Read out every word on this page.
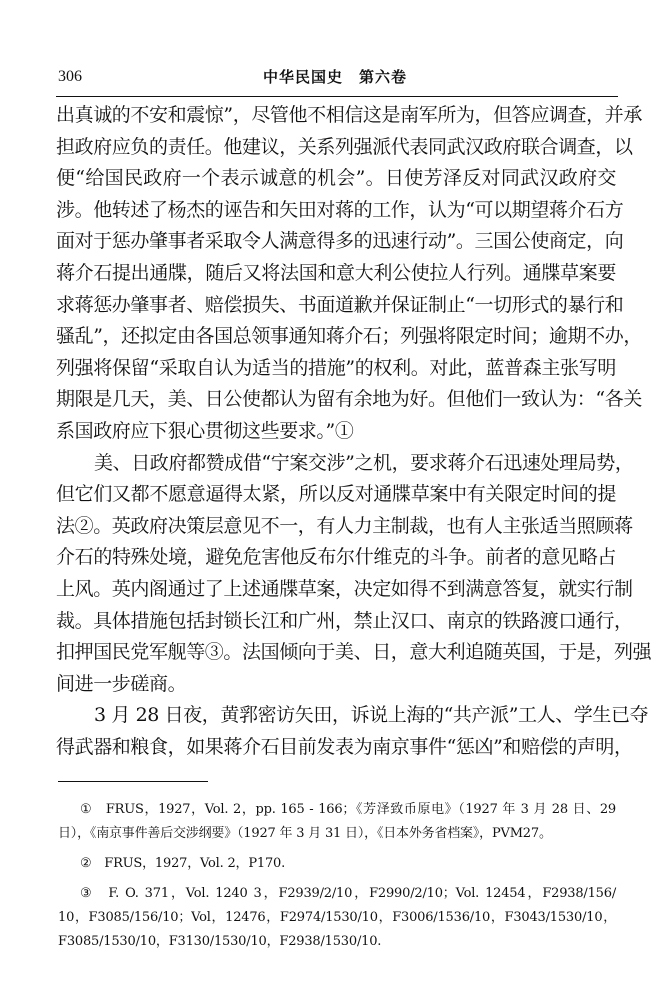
306	中华民国史　第六卷
出真诚的不安和震惊”，尽管他不相信这是南军所为，但答应调查，并承
担政府应负的责任。他建议，关系列强派代表同武汉政府联合调查，以
便“给国民政府一个表示诚意的机会”。日使芳泽反对同武汉政府交
涉。他转述了杨杰的诬告和矢田对蒋的工作，认为“可以期望蒋介石方
面对于惩办肇事者采取令人满意得多的迅速行动”。三国公使商定，向
蒋介石提出通牒，随后又将法国和意大利公使拉人行列。通牒草案要
求蒋惩办肇事者、赔偿损失、书面道歉并保证制止“一切形式的暴行和
骚乱”，还拟定由各国总领事通知蒋介石；列强将限定时间；逾期不办，
列强将保留“采取自认为适当的措施”的权利。对此，蓝普森主张写明
期限是几天，美、日公使都认为留有余地为好。但他们一致认为：“各关
系国政府应下狠心贯彻这些要求。”①
美、日政府都赞成借“宁案交涉”之机，要求蒋介石迅速处理局势，
但它们又都不愿意逼得太紧，所以反对通牒草案中有关限定时间的提
法②。英政府决策层意见不一，有人力主制裁，也有人主张适当照顾蒋
介石的特殊处境，避免危害他反布尔什维克的斗争。前者的意见略占
上风。英内阁通过了上述通牒草案，决定如得不到满意答复，就实行制
裁。具体措施包括封锁长江和广州，禁止汉口、南京的铁路渡口通行，
扣押国民党军舰等③。法国倾向于美、日，意大利追随英国，于是，列强
间进一步磋商。
3 月 28 日夜，黄郛密访矢田，诉说上海的“共产派”工人、学生已夺
得武器和粮食，如果蒋介石目前发表为南京事件“惩凶”和赔偿的声明，
①　FRUS，1927，Vol. 2，pp. 165 - 166；《芳泽致币原电》（1927 年 3 月 28 日、29
日），《南京事件善后交涉纲要》（1927 年 3 月 31 日），《日本外务省档案》，PVM27。
②　FRUS，1927，Vol. 2，P170.
③　F. O. 371，Vol. 1240 3，F2939/2/10，F2990/2/10；Vol. 12454，F2938/156/
10，F3085/156/10；Vol，12476，F2974/1530/10，F3006/1536/10，F3043/1530/10，
F3085/1530/10，F3130/1530/10，F2938/1530/10.
